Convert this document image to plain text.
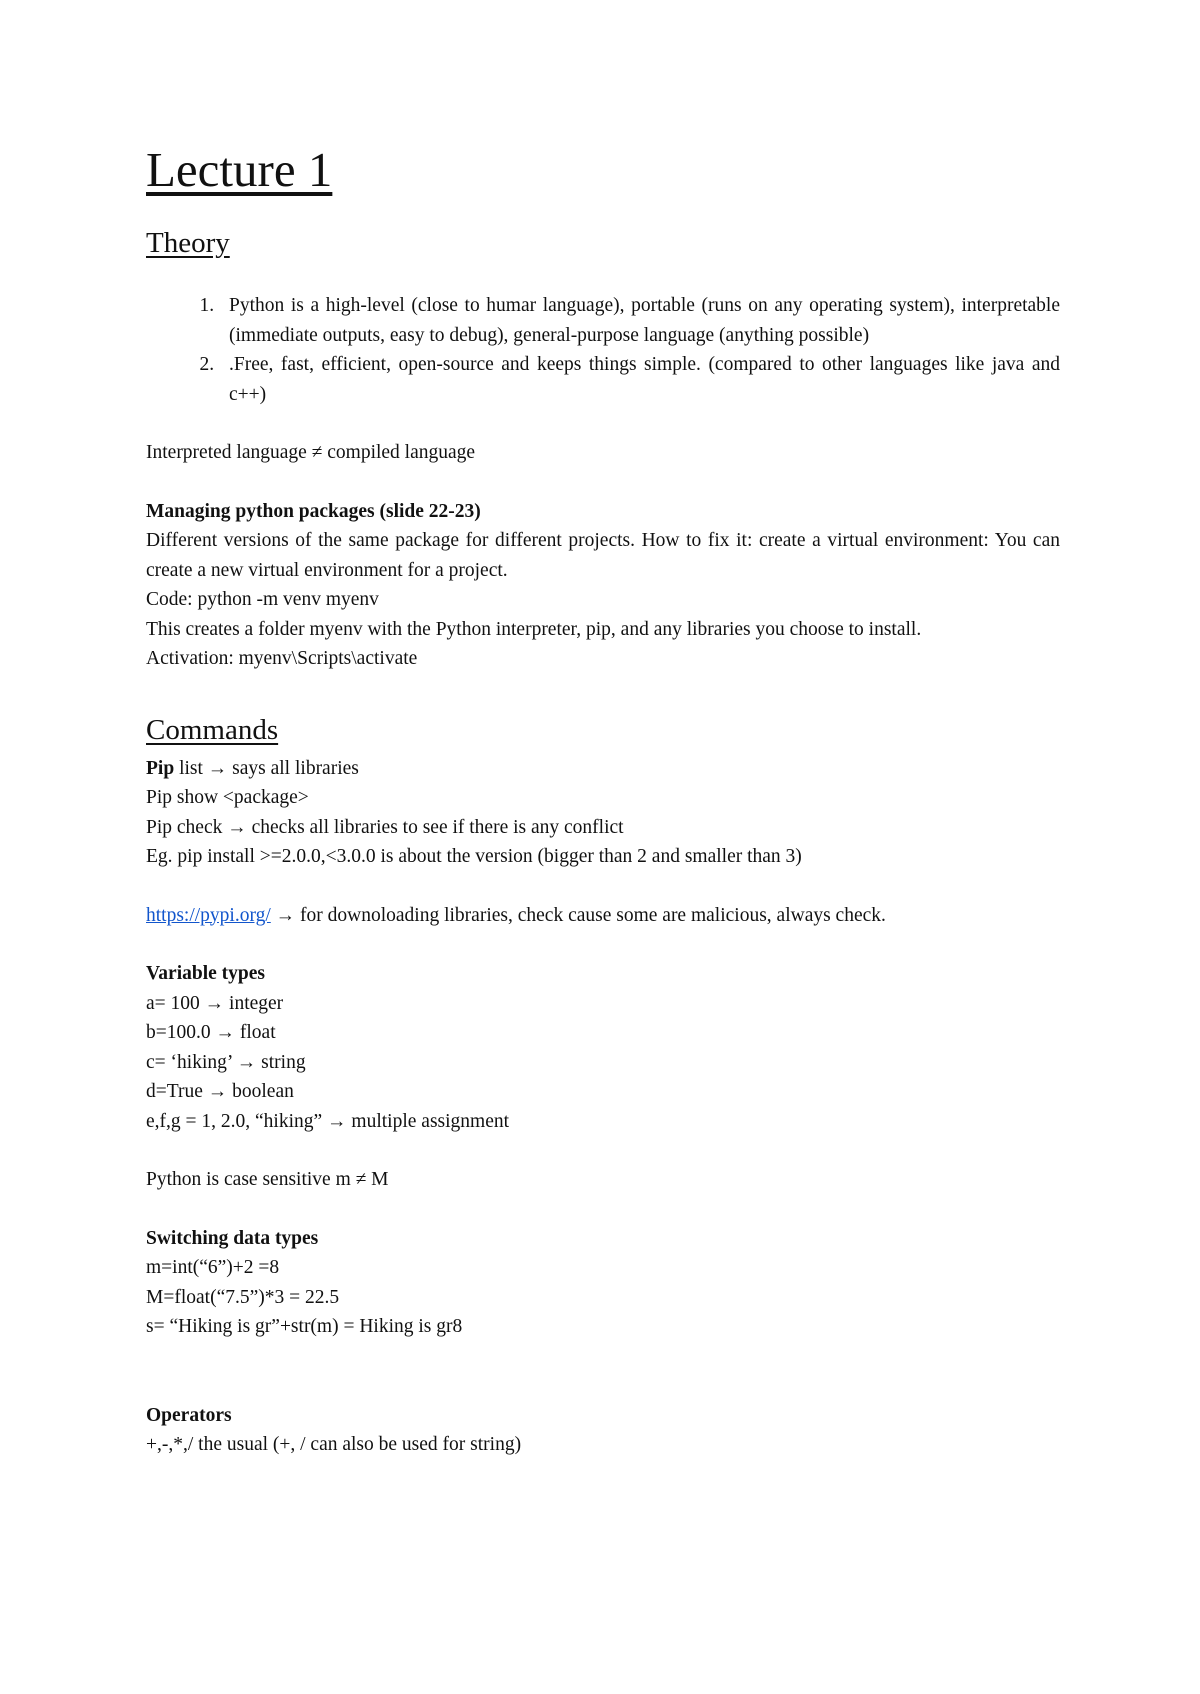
Lecture 1
Theory
1. Python is a high-level (close to humar language), portable (runs on any operating system), interpretable (immediate outputs, easy to debug), general-purpose language (anything possible)
2. .Free, fast, efficient, open-source and keeps things simple. (compared to other languages like java and c++)

Interpreted language ≠ compiled language

Managing python packages (slide 22-23)

Different versions of the same package for different projects. How to fix it: create a virtual environment: You can create a new virtual environment for a project.

Code: python -m venv myenv

This creates a folder myenv with the Python interpreter, pip, and any libraries you choose to install.

Activation: myenv\Scripts\activate

Commands

Pip list → says all libraries

Pip show <package>

Pip check → checks all libraries to see if there is any conflict

Eg. pip install >=2.0.0,<3.0.0 is about the version (bigger than 2 and smaller than 3)

https://pypi.org/ → for downoloading libraries, check cause some are malicious, always check.

Variable types

a= 100 → integer

b=100.0 → float

c= ‘hiking’ → string

d=True → boolean

e,f,g = 1, 2.0, “hiking” → multiple assignment

Python is case sensitive m ≠ M

Switching data types

m=int(“6”)+2 =8

M=float(“7.5”)*3 = 22.5

s= “Hiking is gr”+str(m) = Hiking is gr8

Operators

+,-,*,/ the usual (+, / can also be used for string)
